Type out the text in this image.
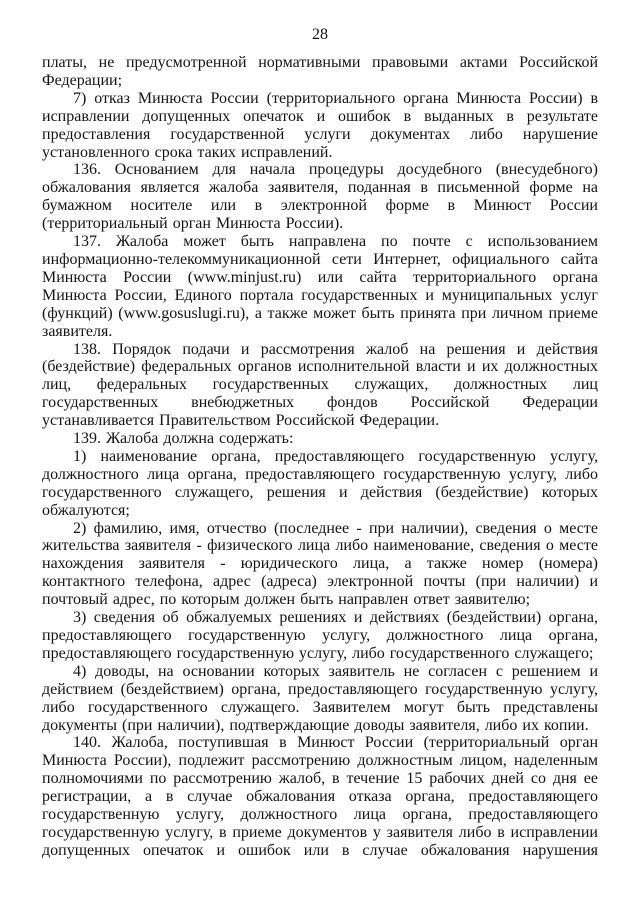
28

платы, не предусмотренной нормативными правовыми актами Российской Федерации;

7) отказ Минюста России (территориального органа Минюста России) в исправлении допущенных опечаток и ошибок в выданных в результате предоставления государственной услуги документах либо нарушение установленного срока таких исправлений.

136. Основанием для начала процедуры досудебного (внесудебного) обжалования является жалоба заявителя, поданная в письменной форме на бумажном носителе или в электронной форме в Минюст России (территориальный орган Минюста России).

137. Жалоба может быть направлена по почте с использованием информационно-телекоммуникационной сети Интернет, официального сайта Минюста России (www.minjust.ru) или сайта территориального органа Минюста России, Единого портала государственных и муниципальных услуг (функций) (www.gosuslugi.ru), а также может быть принята при личном приеме заявителя.

138. Порядок подачи и рассмотрения жалоб на решения и действия (бездействие) федеральных органов исполнительной власти и их должностных лиц, федеральных государственных служащих, должностных лиц государственных внебюджетных фондов Российской Федерации устанавливается Правительством Российской Федерации.

139. Жалоба должна содержать:

1) наименование органа, предоставляющего государственную услугу, должностного лица органа, предоставляющего государственную услугу, либо государственного служащего, решения и действия (бездействие) которых обжалуются;

2) фамилию, имя, отчество (последнее - при наличии), сведения о месте жительства заявителя - физического лица либо наименование, сведения о месте нахождения заявителя - юридического лица, а также номер (номера) контактного телефона, адрес (адреса) электронной почты (при наличии) и почтовый адрес, по которым должен быть направлен ответ заявителю;

3) сведения об обжалуемых решениях и действиях (бездействии) органа, предоставляющего государственную услугу, должностного лица органа, предоставляющего государственную услугу, либо государственного служащего;

4) доводы, на основании которых заявитель не согласен с решением и действием (бездействием) органа, предоставляющего государственную услугу, либо государственного служащего. Заявителем могут быть представлены документы (при наличии), подтверждающие доводы заявителя, либо их копии.

140. Жалоба, поступившая в Минюст России (территориальный орган Минюста России), подлежит рассмотрению должностным лицом, наделенным полномочиями по рассмотрению жалоб, в течение 15 рабочих дней со дня ее регистрации, а в случае обжалования отказа органа, предоставляющего государственную услугу, должностного лица органа, предоставляющего государственную услугу, в приеме документов у заявителя либо в исправлении допущенных опечаток и ошибок или в случае обжалования нарушения
